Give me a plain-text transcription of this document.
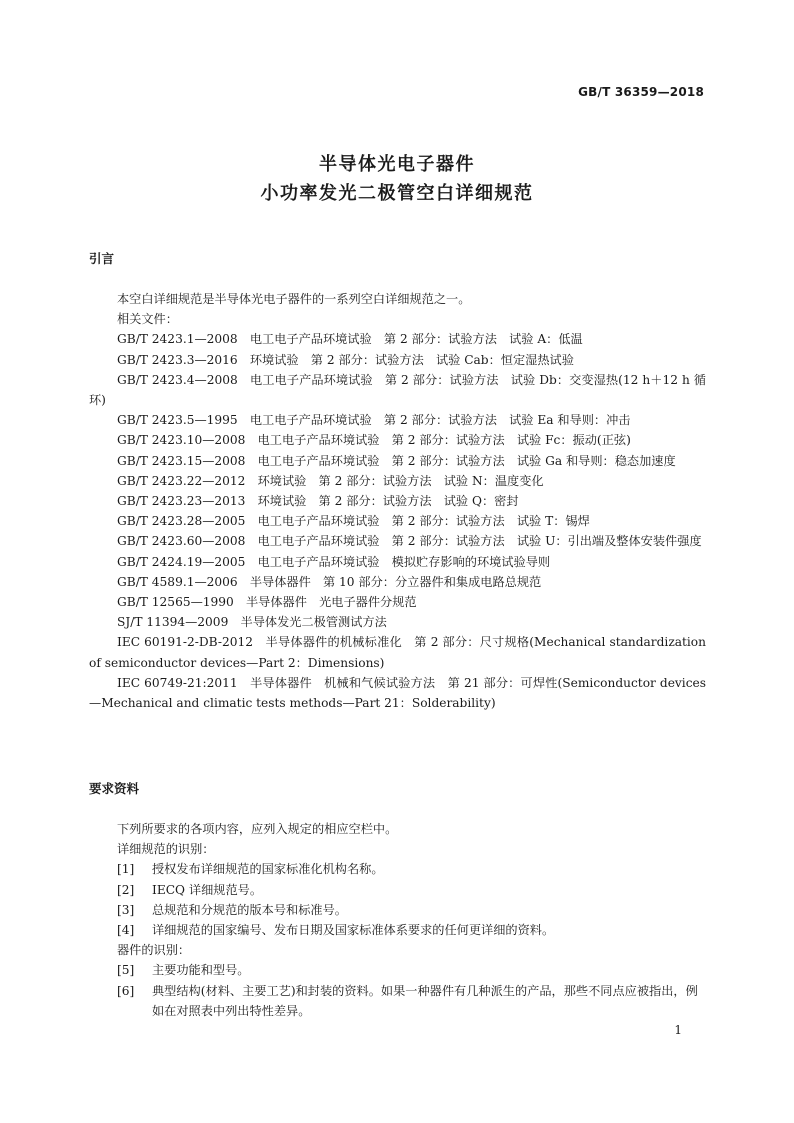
GB/T 36359—2018
半导体光电子器件
小功率发光二极管空白详细规范
引言

本空白详细规范是半导体光电子器件的一系列空白详细规范之一。

相关文件：

GB/T 2423.1—2008　电工电子产品环境试验　第 2 部分：试验方法　试验 A：低温

GB/T 2423.3—2016　环境试验　第 2 部分：试验方法　试验 Cab：恒定湿热试验

GB/T 2423.4—2008　电工电子产品环境试验　第 2 部分：试验方法　试验 Db：交变湿热(12 h＋12 h 循环)

GB/T 2423.5—1995　电工电子产品环境试验　第 2 部分：试验方法　试验 Ea 和导则：冲击

GB/T 2423.10—2008　电工电子产品环境试验　第 2 部分：试验方法　试验 Fc：振动(正弦)

GB/T 2423.15—2008　电工电子产品环境试验　第 2 部分：试验方法　试验 Ga 和导则：稳态加速度

GB/T 2423.22—2012　环境试验　第 2 部分：试验方法　试验 N：温度变化

GB/T 2423.23—2013　环境试验　第 2 部分：试验方法　试验 Q：密封

GB/T 2423.28—2005　电工电子产品环境试验　第 2 部分：试验方法　试验 T：锡焊

GB/T 2423.60—2008　电工电子产品环境试验　第 2 部分：试验方法　试验 U：引出端及整体安装件强度

GB/T 2424.19—2005　电工电子产品环境试验　模拟贮存影响的环境试验导则

GB/T 4589.1—2006　半导体器件　第 10 部分：分立器件和集成电路总规范

GB/T 12565—1990　半导体器件　光电子器件分规范

SJ/T 11394—2009　半导体发光二极管测试方法

IEC 60191-2-DB-2012　半导体器件的机械标准化　第 2 部分：尺寸规格(Mechanical standardization of semiconductor devices—Part 2：Dimensions)

IEC 60749-21:2011　半导体器件　机械和气候试验方法　第 21 部分：可焊性(Semiconductor devices—Mechanical and climatic tests methods—Part 21：Solderability)

要求资料

下列所要求的各项内容，应列入规定的相应空栏中。

详细规范的识别：

[1] 授权发布详细规范的国家标准化机构名称。
[2] IECQ 详细规范号。
[3] 总规范和分规范的版本号和标准号。
[4] 详细规范的国家编号、发布日期及国家标准体系要求的任何更详细的资料。

器件的识别：

[5] 主要功能和型号。
[6] 典型结构(材料、主要工艺)和封装的资料。如果一种器件有几种派生的产品，那些不同点应被指出，例如在对照表中列出特性差异。
1
